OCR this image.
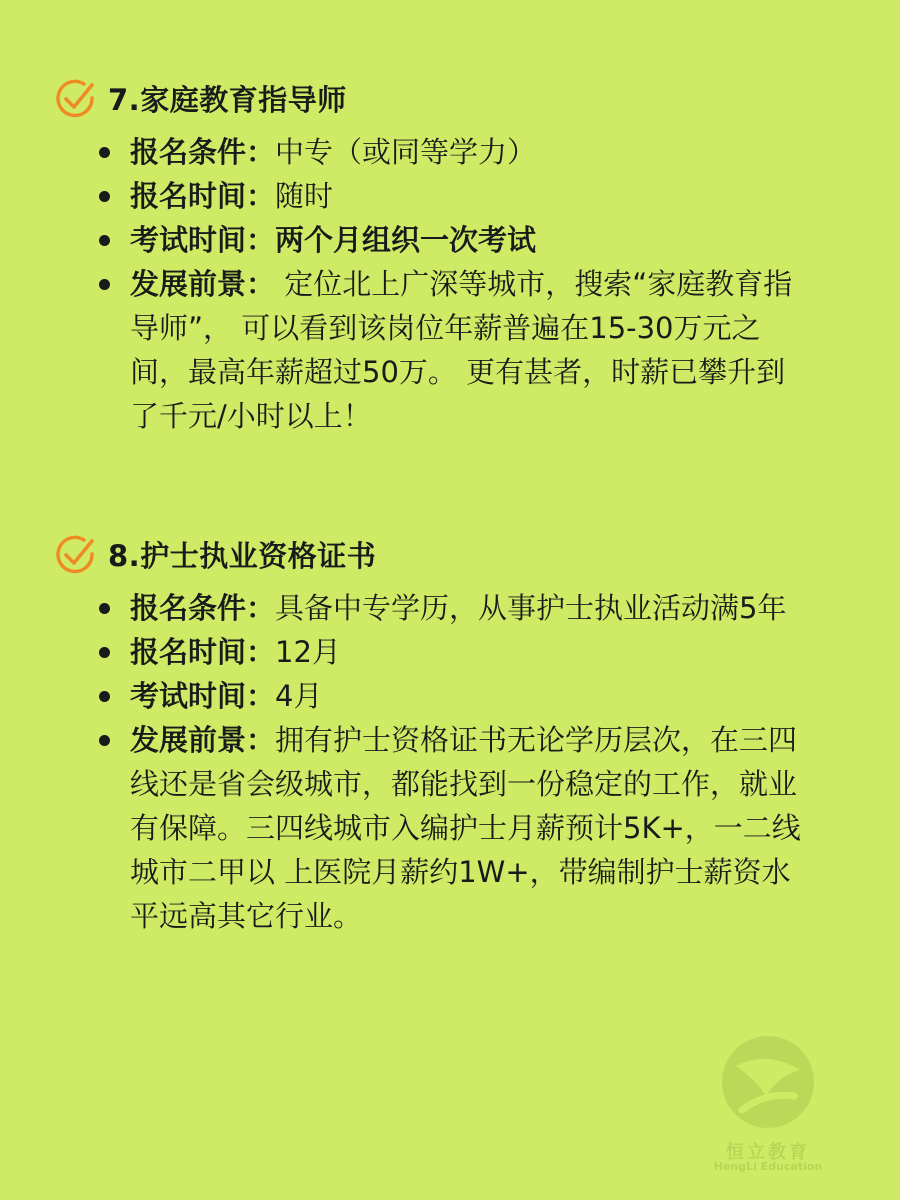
7.家庭教育指导师
报名条件：中专（或同等学力）
报名时间：随时
考试时间：两个月组织一次考试
发展前景： 定位北上广深等城市，搜索“家庭教育指导师”， 可以看到该岗位年薪普遍在15-30万元之间，最高年薪超过50万。 更有甚者，时薪已攀升到了千元/小时以上！
8.护士执业资格证书
报名条件：具备中专学历，从事护士执业活动满5年
报名时间：12月
考试时间：4月
发展前景：拥有护士资格证书无论学历层次，在三四线还是省会级城市，都能找到一份稳定的工作，就业有保障。三四线城市入编护士月薪预计5K+，一二线城市二甲以 上医院月薪约1W+，带编制护士薪资水平远高其它行业。
恒立教育
HengLi Education
